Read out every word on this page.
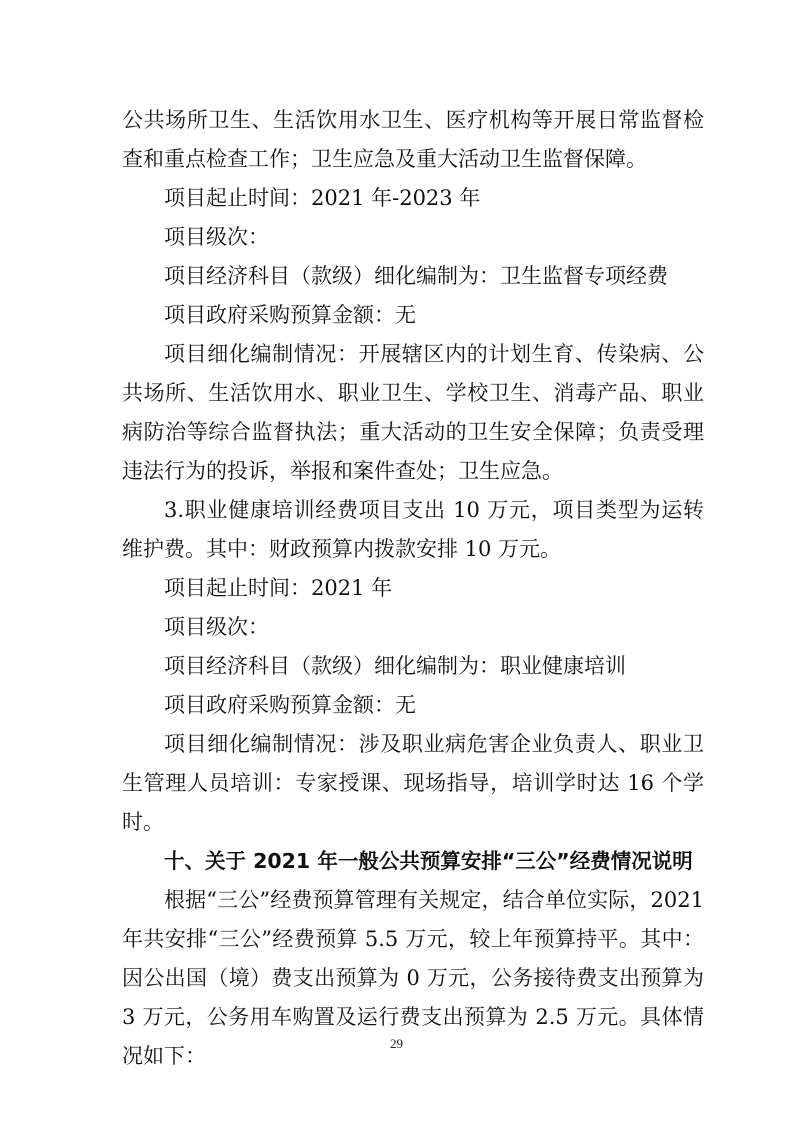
公共场所卫生、生活饮用水卫生、医疗机构等开展日常监督检查和重点检查工作；卫生应急及重大活动卫生监督保障。

项目起止时间：2021 年-2023 年

项目级次：

项目经济科目（款级）细化编制为：卫生监督专项经费

项目政府采购预算金额：无

项目细化编制情况：开展辖区内的计划生育、传染病、公共场所、生活饮用水、职业卫生、学校卫生、消毒产品、职业病防治等综合监督执法；重大活动的卫生安全保障；负责受理违法行为的投诉，举报和案件查处；卫生应急。

3.职业健康培训经费项目支出 10 万元，项目类型为运转维护费。其中：财政预算内拨款安排 10 万元。

项目起止时间：2021 年

项目级次：

项目经济科目（款级）细化编制为：职业健康培训

项目政府采购预算金额：无

项目细化编制情况：涉及职业病危害企业负责人、职业卫生管理人员培训：专家授课、现场指导，培训学时达 16 个学时。

十、关于 2021 年一般公共预算安排“三公”经费情况说明

根据“三公”经费预算管理有关规定，结合单位实际，2021 年共安排“三公”经费预算 5.5 万元，较上年预算持平。其中：因公出国（境）费支出预算为 0 万元，公务接待费支出预算为 3 万元，公务用车购置及运行费支出预算为 2.5 万元。具体情况如下：

29
